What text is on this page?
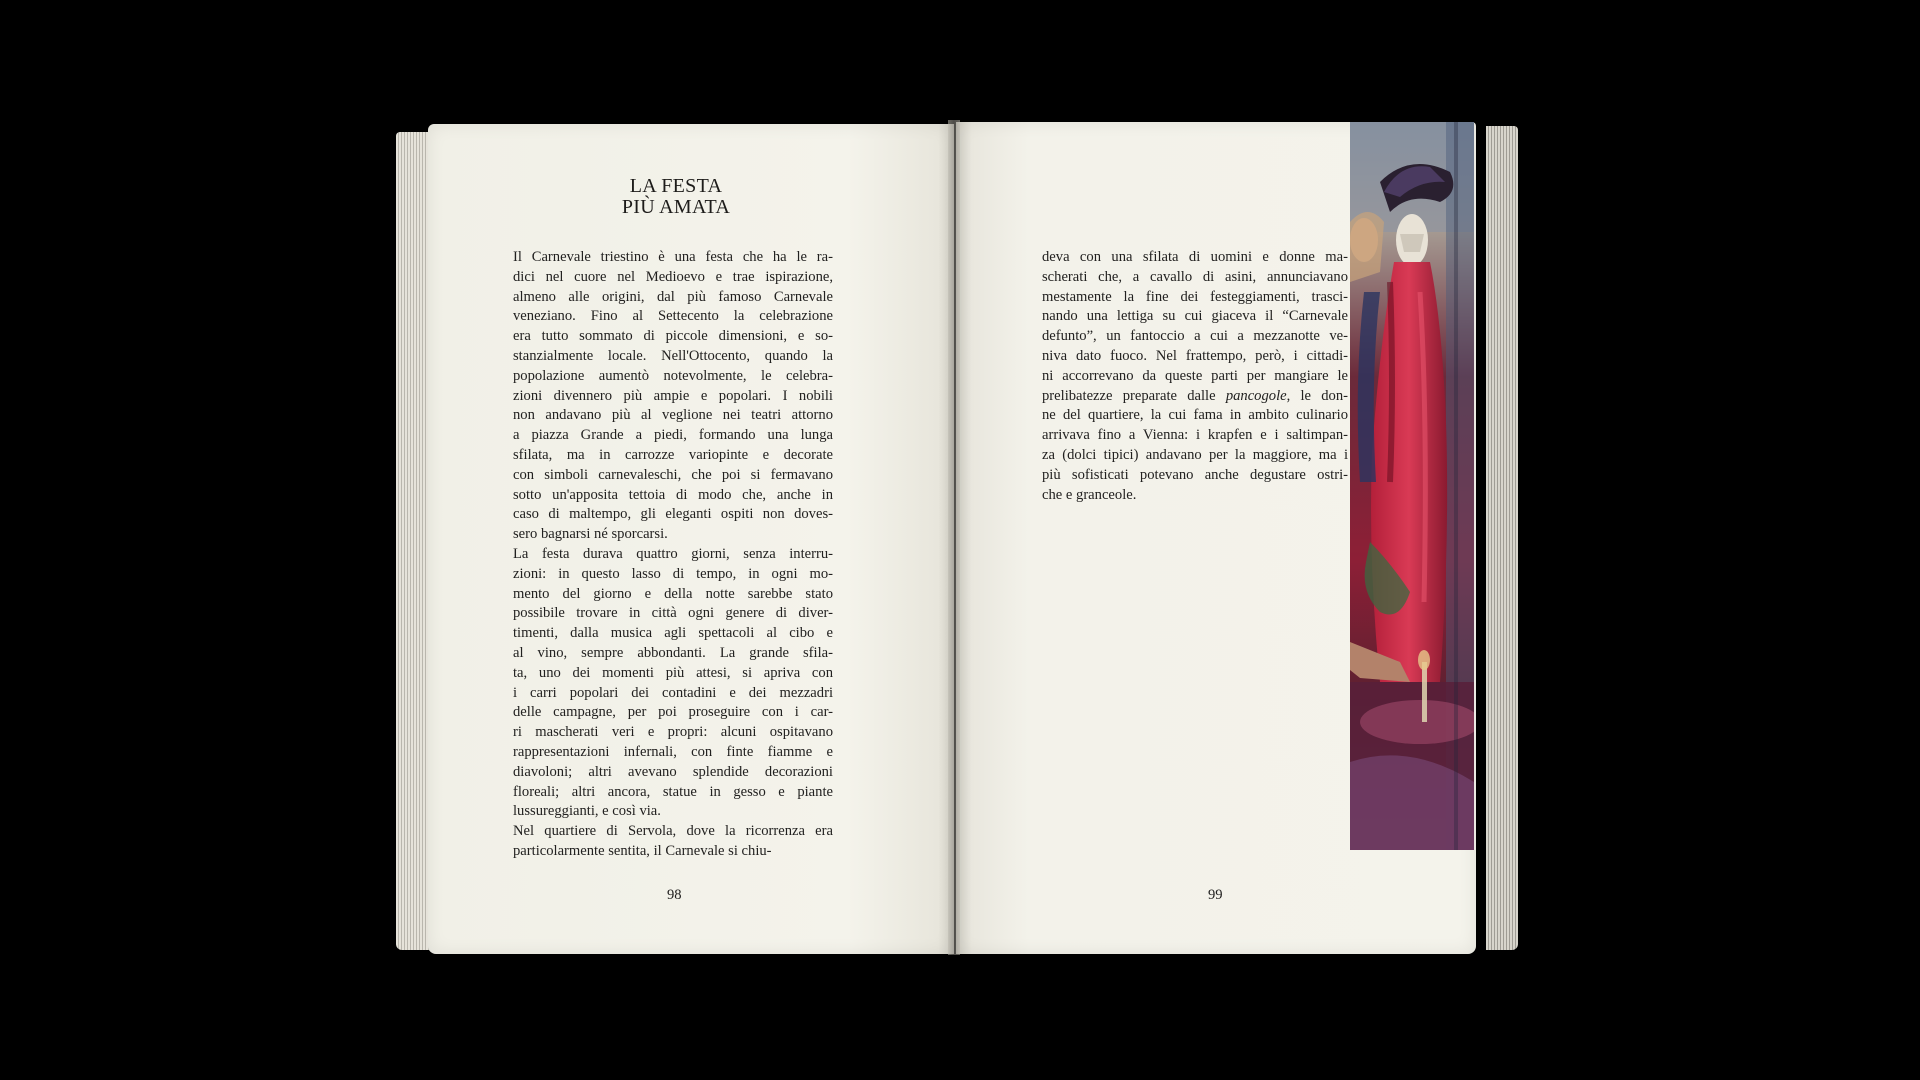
LA FESTA
PIÙ AMATA
Il Carnevale triestino è una festa che ha le ra-
dici nel cuore nel Medioevo e trae ispirazione,
almeno alle origini, dal più famoso Carnevale
veneziano. Fino al Settecento la celebrazione
era tutto sommato di piccole dimensioni, e so-
stanzialmente locale. Nell'Ottocento, quando la
popolazione aumentò notevolmente, le celebra-
zioni divennero più ampie e popolari. I nobili
non andavano più al veglione nei teatri attorno
a piazza Grande a piedi, formando una lunga
sfilata, ma in carrozze variopinte e decorate
con simboli carnevaleschi, che poi si fermavano
sotto un'apposita tettoia di modo che, anche in
caso di maltempo, gli eleganti ospiti non doves-
sero bagnarsi né sporcarsi.
La festa durava quattro giorni, senza interru-
zioni: in questo lasso di tempo, in ogni mo-
mento del giorno e della notte sarebbe stato
possibile trovare in città ogni genere di diver-
timenti, dalla musica agli spettacoli al cibo e
al vino, sempre abbondanti. La grande sfila-
ta, uno dei momenti più attesi, si apriva con
i carri popolari dei contadini e dei mezzadri
delle campagne, per poi proseguire con i car-
ri mascherati veri e propri: alcuni ospitavano
rappresentazioni infernali, con finte fiamme e
diavoloni; altri avevano splendide decorazioni
floreali; altri ancora, statue in gesso e piante
lussureggianti, e così via.
Nel quartiere di Servola, dove la ricorrenza era
particolarmente sentita, il Carnevale si chiu-
deva con una sfilata di uomini e donne ma-
scherati che, a cavallo di asini, annunciavano
mestamente la fine dei festeggiamenti, trasci-
nando una lettiga su cui giaceva il “Carnevale
defunto”, un fantoccio a cui a mezzanotte ve-
niva dato fuoco. Nel frattempo, però, i cittadi-
ni accorrevano da queste parti per mangiare le
prelibatezze preparate dalle pancogole, le don-
ne del quartiere, la cui fama in ambito culinario
arrivava fino a Vienna: i krapfen e i saltimpan-
za (dolci tipici) andavano per la maggiore, ma i
più sofisticati potevano anche degustare ostri-
che e granceole.
98	99
